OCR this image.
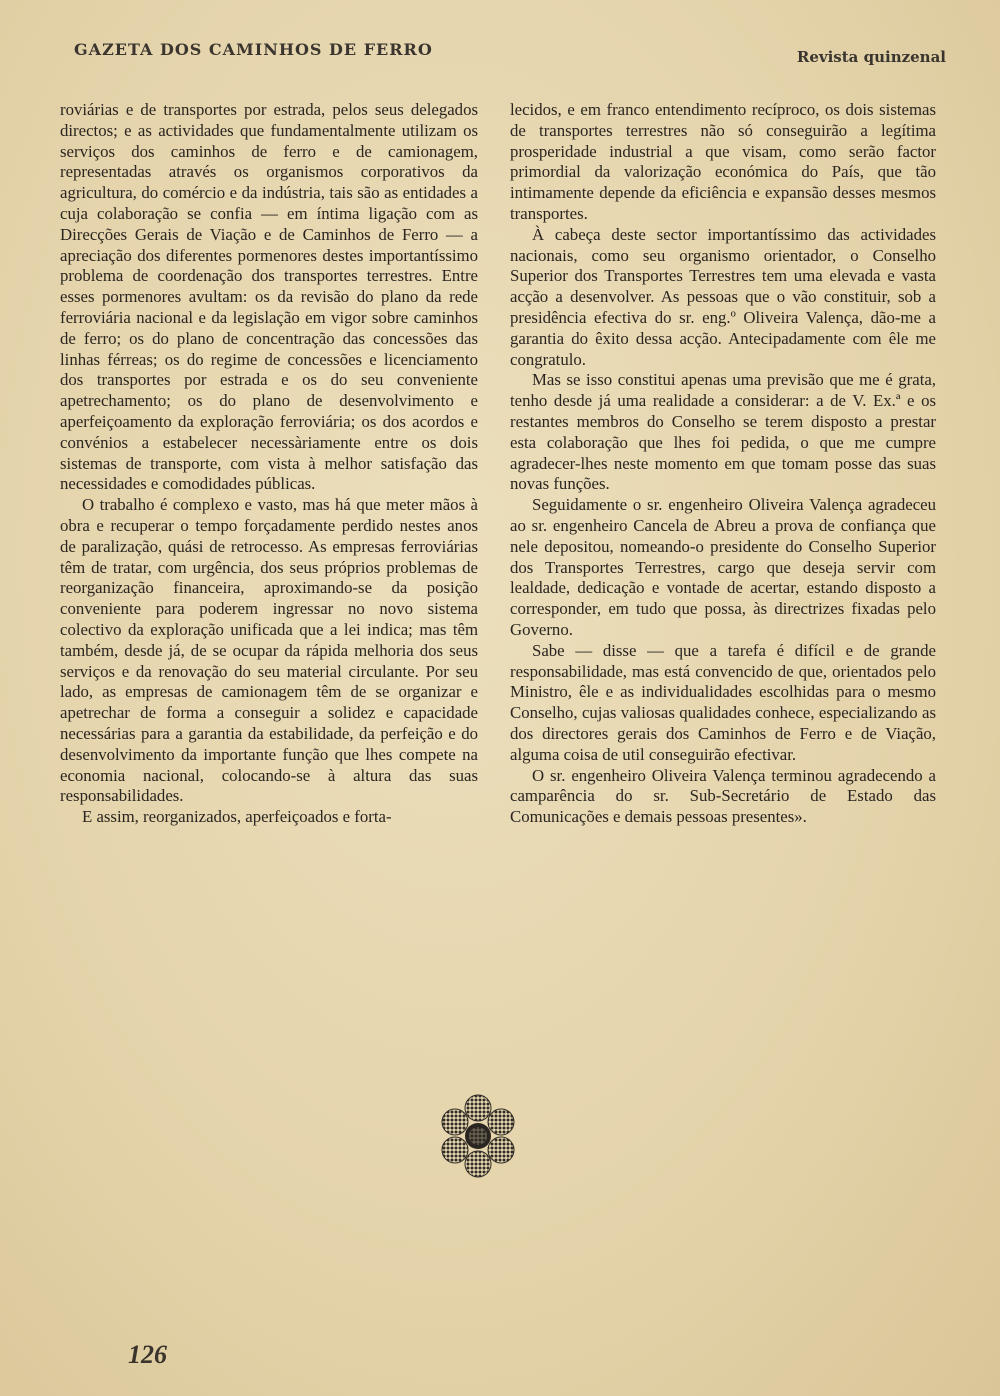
GAZETA DOS CAMINHOS DE FERRO	Revista quinzenal

roviárias e de transportes por estrada, pelos seus delegados directos; e as actividades que fundamentalmente utilizam os serviços dos caminhos de ferro e de camionagem, representadas através os organismos corporativos da agricultura, do comércio e da indústria, tais são as entidades a cuja colaboração se confia — em íntima ligação com as Direcções Gerais de Viação e de Caminhos de Ferro — a apreciação dos diferentes pormenores destes importantíssimo problema de coordenação dos transportes terrestres. Entre esses pormenores avultam: os da revisão do plano da rede ferroviária nacional e da legislação em vigor sobre caminhos de ferro; os do plano de concentração das concessões das linhas férreas; os do regime de concessões e licenciamento dos transportes por estrada e os do seu conveniente apetrechamento; os do plano de desenvolvimento e aperfeiçoamento da exploração ferroviária; os dos acordos e convénios a estabelecer necessàriamente entre os dois sistemas de transporte, com vista à melhor satisfação das necessidades e comodidades públicas.

O trabalho é complexo e vasto, mas há que meter mãos à obra e recuperar o tempo forçadamente perdido nestes anos de paralização, quási de retrocesso. As empresas ferroviárias têm de tratar, com urgência, dos seus próprios problemas de reorganização financeira, aproximando-se da posição conveniente para poderem ingressar no novo sistema colectivo da exploração unificada que a lei indica; mas têm também, desde já, de se ocupar da rápida melhoria dos seus serviços e da renovação do seu material circulante. Por seu lado, as empresas de camionagem têm de se organizar e apetrechar de forma a conseguir a solidez e capacidade necessárias para a garantia da estabilidade, da perfeição e do desenvolvimento da importante função que lhes compete na economia nacional, colocando-se à altura das suas responsabilidades.

E assim, reorganizados, aperfeiçoados e forta-

lecidos, e em franco entendimento recíproco, os dois sistemas de transportes terrestres não só conseguirão a legítima prosperidade industrial a que visam, como serão factor primordial da valorização económica do País, que tão intimamente depende da eficiência e expansão desses mesmos transportes.

À cabeça deste sector importantíssimo das actividades nacionais, como seu organismo orientador, o Conselho Superior dos Transportes Terrestres tem uma elevada e vasta acção a desenvolver. As pessoas que o vão constituir, sob a presidência efectiva do sr. eng.º Oliveira Valença, dão-me a garantia do êxito dessa acção. Antecipadamente com êle me congratulo.

Mas se isso constitui apenas uma previsão que me é grata, tenho desde já uma realidade a considerar: a de V. Ex.ª e os restantes membros do Conselho se terem disposto a prestar esta colaboração que lhes foi pedida, o que me cumpre agradecer-lhes neste momento em que tomam posse das suas novas funções.

Seguidamente o sr. engenheiro Oliveira Valença agradeceu ao sr. engenheiro Cancela de Abreu a prova de confiança que nele depositou, nomeando-o presidente do Conselho Superior dos Transportes Terrestres, cargo que deseja servir com lealdade, dedicação e vontade de acertar, estando disposto a corresponder, em tudo que possa, às directrizes fixadas pelo Governo.

Sabe — disse — que a tarefa é difícil e de grande responsabilidade, mas está convencido de que, orientados pelo Ministro, êle e as individualidades escolhidas para o mesmo Conselho, cujas valiosas qualidades conhece, especializando as dos directores gerais dos Caminhos de Ferro e de Viação, alguma coisa de util conseguirão efectivar.

O sr. engenheiro Oliveira Valença terminou agradecendo a camparência do sr. Sub-Secretário de Estado das Comunicações e demais pessoas presentes».

126
